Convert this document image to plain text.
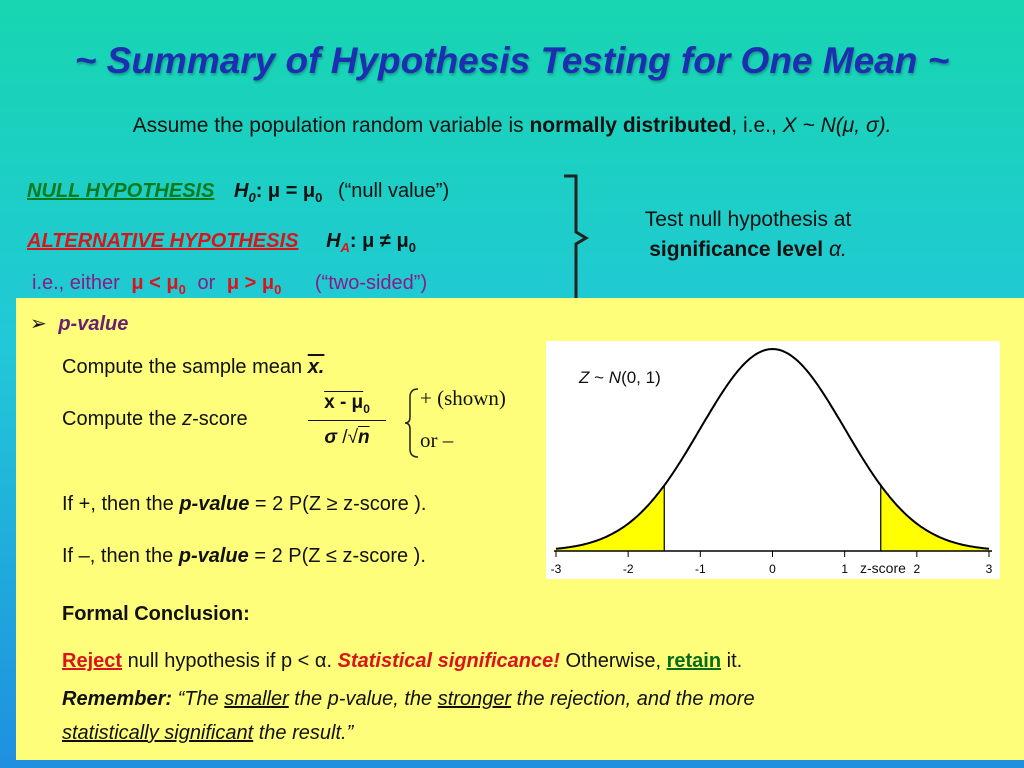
~ Summary of Hypothesis Testing for One Mean ~
Assume the population random variable is normally distributed, i.e., X ~ N(μ, σ).
NULL HYPOTHESIS $H_0$: $\mu = \mu_0$ (“null value”)
ALTERNATIVE HYPOTHESIS $H_A$: $\mu \ne \mu_0$
i.e., either $\mu < \mu_0$ or $\mu > \mu_0$ (“two-sided”)
Test null hypothesis at
significance level α.
➢ p-value
Compute the sample mean x.
Compute the z-score	$\frac{x - \mu_0}{\sigma /√n}$ + (shown)
or –
If +, then the p-value = 2 P(Z ≥ z-score ).
If –, then the p-value = 2 P(Z ≤ z-score ).
-3	-2	-1	0	1	2	3
Z ~ N(0, 1)
z-score
Formal Conclusion:
Reject null hypothesis if p < α. Statistical significance! Otherwise, retain it.
Remember: “The smaller the p-value, the stronger the rejection, and the more
statistically significant the result.”
